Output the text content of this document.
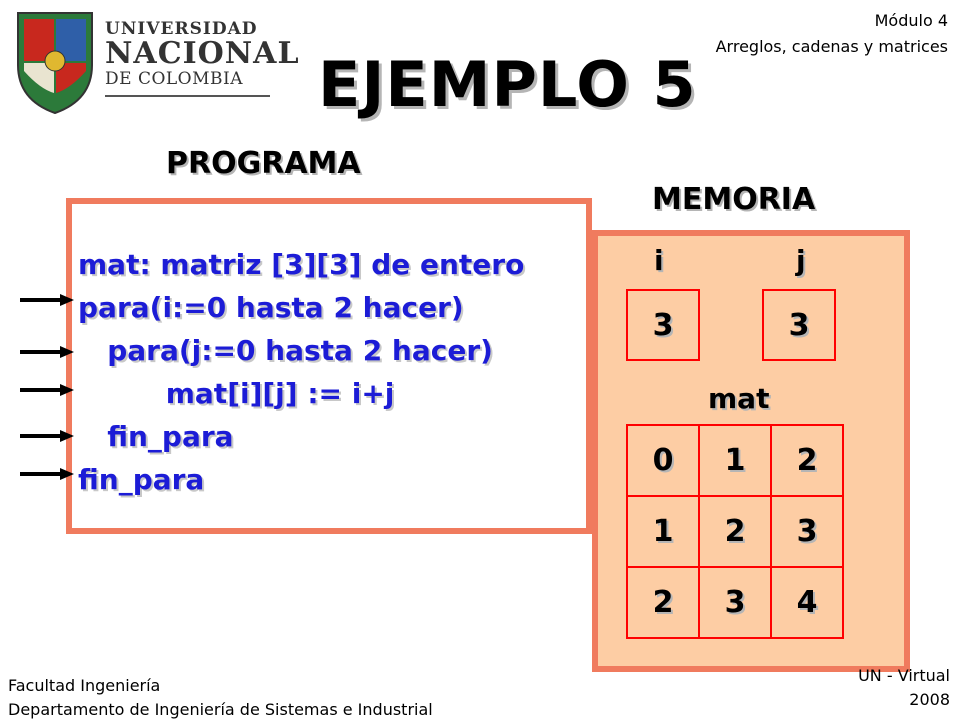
UNIVERSIDAD
NACIONAL
DE COLOMBIA
Módulo 4
Arreglos, cadenas y matrices
EJEMPLO 5
PROGRAMA
MEMORIA
mat: matriz [3][3] de entero
para(i:=0 hasta 2 hacer)
para(j:=0 hasta 2 hacer)
mat[i][j] := i+j
fin_para
fin_para
i	j
3	3
mat
0	1	2
1	2	3
2	3	4
Facultad Ingeniería
Departamento de Ingeniería de Sistemas e Industrial
UN - Virtual
2008
